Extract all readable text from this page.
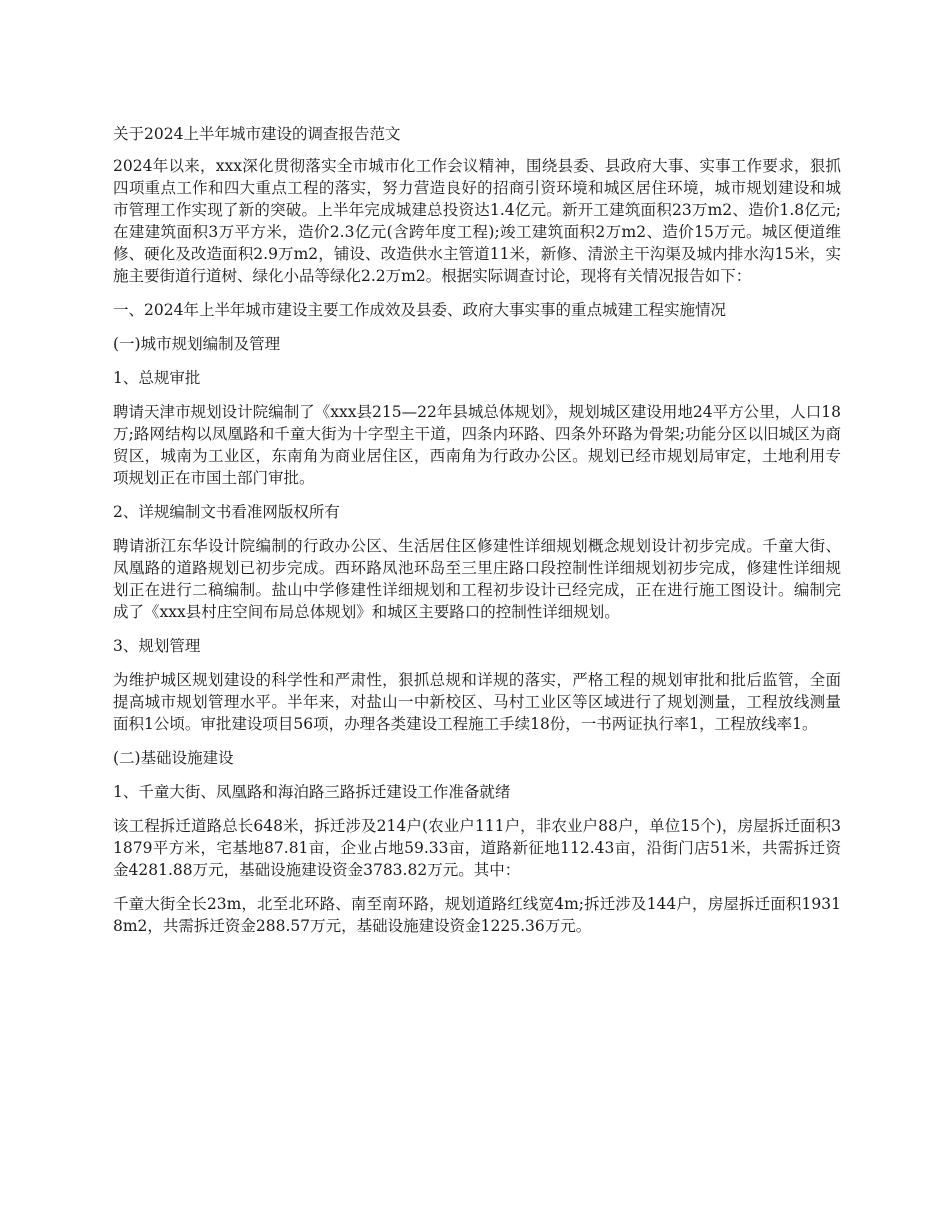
关于2024上半年城市建设的调查报告范文

2024年以来，xxx深化贯彻落实全市城市化工作会议精神，围绕县委、县政府大事、实事工作要求，狠抓四项重点工作和四大重点工程的落实，努力营造良好的招商引资环境和城区居住环境，城市规划建设和城市管理工作实现了新的突破。上半年完成城建总投资达1.4亿元。新开工建筑面积23万m2、造价1.8亿元;在建建筑面积3万平方米，造价2.3亿元(含跨年度工程);竣工建筑面积2万m2、造价15万元。城区便道维修、硬化及改造面积2.9万m2，铺设、改造供水主管道11米，新修、清淤主干沟渠及城内排水沟15米，实施主要街道行道树、绿化小品等绿化2.2万m2。根据实际调查讨论，现将有关情况报告如下：

一、2024年上半年城市建设主要工作成效及县委、政府大事实事的重点城建工程实施情况

(一)城市规划编制及管理

1、总规审批

聘请天津市规划设计院编制了《xxx县215—22年县城总体规划》，规划城区建设用地24平方公里，人口18万;路网结构以凤凰路和千童大街为十字型主干道，四条内环路、四条外环路为骨架;功能分区以旧城区为商贸区，城南为工业区，东南角为商业居住区，西南角为行政办公区。规划已经市规划局审定，土地利用专项规划正在市国土部门审批。

2、详规编制文书看准网版权所有

聘请浙江东华设计院编制的行政办公区、生活居住区修建性详细规划概念规划设计初步完成。千童大街、凤凰路的道路规划已初步完成。西环路凤池环岛至三里庄路口段控制性详细规划初步完成，修建性详细规划正在进行二稿编制。盐山中学修建性详细规划和工程初步设计已经完成，正在进行施工图设计。编制完成了《xxx县村庄空间布局总体规划》和城区主要路口的控制性详细规划。

3、规划管理

为维护城区规划建设的科学性和严肃性，狠抓总规和详规的落实，严格工程的规划审批和批后监管，全面提高城市规划管理水平。半年来，对盐山一中新校区、马村工业区等区域进行了规划测量，工程放线测量面积1公顷。审批建设项目56项，办理各类建设工程施工手续18份，一书两证执行率1，工程放线率1。

(二)基础设施建设

1、千童大街、凤凰路和海泊路三路拆迁建设工作准备就绪

该工程拆迁道路总长648米，拆迁涉及214户(农业户111户，非农业户88户，单位15个)，房屋拆迁面积31879平方米，宅基地87.81亩，企业占地59.33亩，道路新征地112.43亩，沿街门店51米，共需拆迁资金4281.88万元，基础设施建设资金3783.82万元。其中：

千童大街全长23m，北至北环路、南至南环路，规划道路红线宽4m;拆迁涉及144户，房屋拆迁面积19318m2，共需拆迁资金288.57万元，基础设施建设资金1225.36万元。
